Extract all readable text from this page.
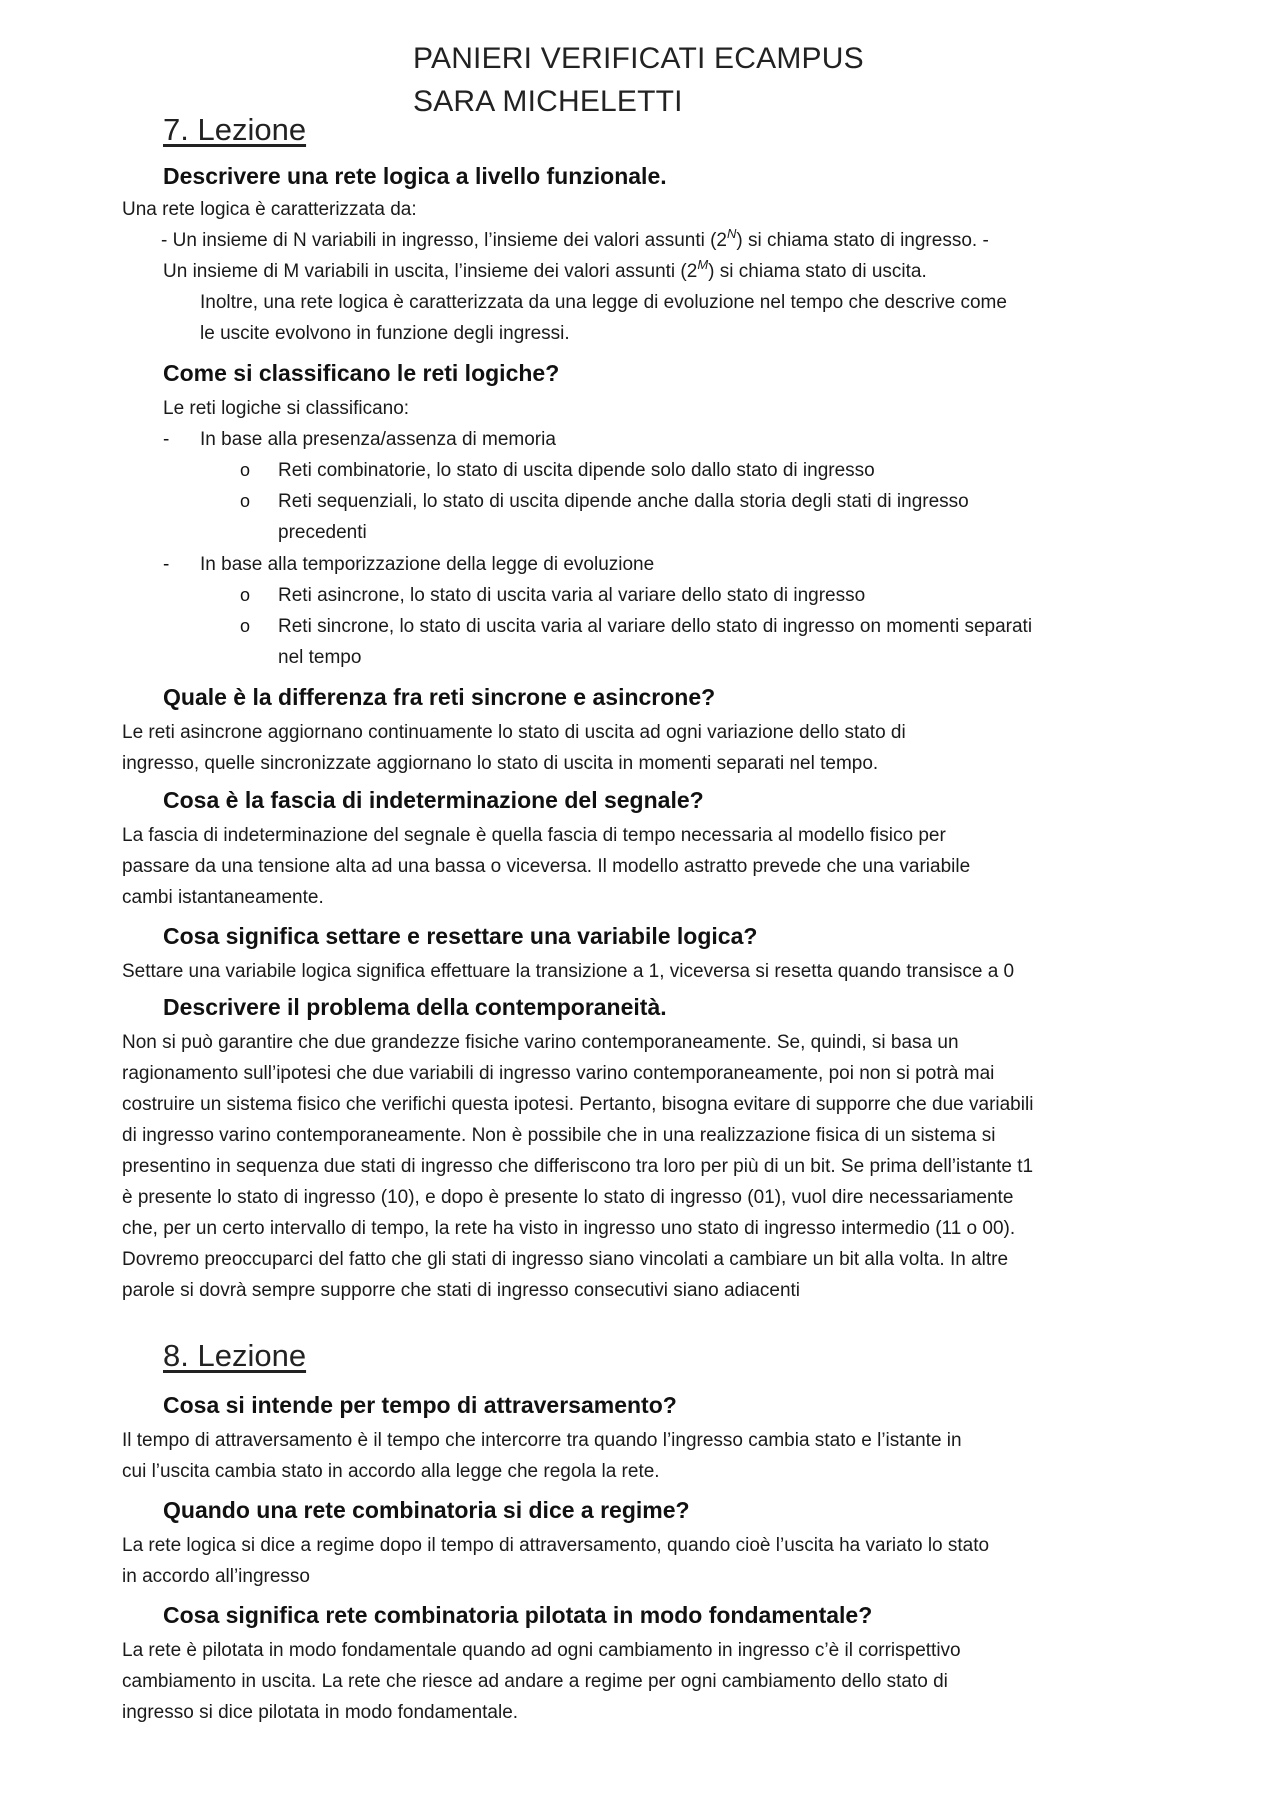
PANIERI VERIFICATI ECAMPUS
SARA MICHELETTI
7. Lezione
Descrivere una rete logica a livello funzionale.
Una rete logica è caratterizzata da:
- Un insieme di N variabili in ingresso, l’insieme dei valori assunti $(2^N)$ si chiama stato di ingresso. -
Un insieme di M variabili in uscita, l’insieme dei valori assunti $(2^M)$ si chiama stato di uscita.
Inoltre, una rete logica è caratterizzata da una legge di evoluzione nel tempo che descrive come
le uscite evolvono in funzione degli ingressi.
Come si classificano le reti logiche?
Le reti logiche si classificano:
- In base alla presenza/assenza di memoria
o Reti combinatorie, lo stato di uscita dipende solo dallo stato di ingresso
o Reti sequenziali, lo stato di uscita dipende anche dalla storia degli stati di ingresso
precedenti
- In base alla temporizzazione della legge di evoluzione
o Reti asincrone, lo stato di uscita varia al variare dello stato di ingresso
o Reti sincrone, lo stato di uscita varia al variare dello stato di ingresso on momenti separati
nel tempo
Quale è la differenza fra reti sincrone e asincrone?
Le reti asincrone aggiornano continuamente lo stato di uscita ad ogni variazione dello stato di
ingresso, quelle sincronizzate aggiornano lo stato di uscita in momenti separati nel tempo.
Cosa è la fascia di indeterminazione del segnale?
La fascia di indeterminazione del segnale è quella fascia di tempo necessaria al modello fisico per
passare da una tensione alta ad una bassa o viceversa. Il modello astratto prevede che una variabile
cambi istantaneamente.
Cosa significa settare e resettare una variabile logica?
Settare una variabile logica significa effettuare la transizione a 1, viceversa si resetta quando transisce a 0
Descrivere il problema della contemporaneità.
Non si può garantire che due grandezze fisiche varino contemporaneamente. Se, quindi, si basa un
ragionamento sull’ipotesi che due variabili di ingresso varino contemporaneamente, poi non si potrà mai
costruire un sistema fisico che verifichi questa ipotesi. Pertanto, bisogna evitare di supporre che due variabili
di ingresso varino contemporaneamente. Non è possibile che in una realizzazione fisica di un sistema si
presentino in sequenza due stati di ingresso che differiscono tra loro per più di un bit. Se prima dell’istante t1
è presente lo stato di ingresso (10), e dopo è presente lo stato di ingresso (01), vuol dire necessariamente
che, per un certo intervallo di tempo, la rete ha visto in ingresso uno stato di ingresso intermedio (11 o 00).
Dovremo preoccuparci del fatto che gli stati di ingresso siano vincolati a cambiare un bit alla volta. In altre
parole si dovrà sempre supporre che stati di ingresso consecutivi siano adiacenti
8. Lezione
Cosa si intende per tempo di attraversamento?
Il tempo di attraversamento è il tempo che intercorre tra quando l’ingresso cambia stato e l’istante in
cui l’uscita cambia stato in accordo alla legge che regola la rete.
Quando una rete combinatoria si dice a regime?
La rete logica si dice a regime dopo il tempo di attraversamento, quando cioè l’uscita ha variato lo stato
in accordo all’ingresso
Cosa significa rete combinatoria pilotata in modo fondamentale?
La rete è pilotata in modo fondamentale quando ad ogni cambiamento in ingresso c’è il corrispettivo
cambiamento in uscita. La rete che riesce ad andare a regime per ogni cambiamento dello stato di
ingresso si dice pilotata in modo fondamentale.
